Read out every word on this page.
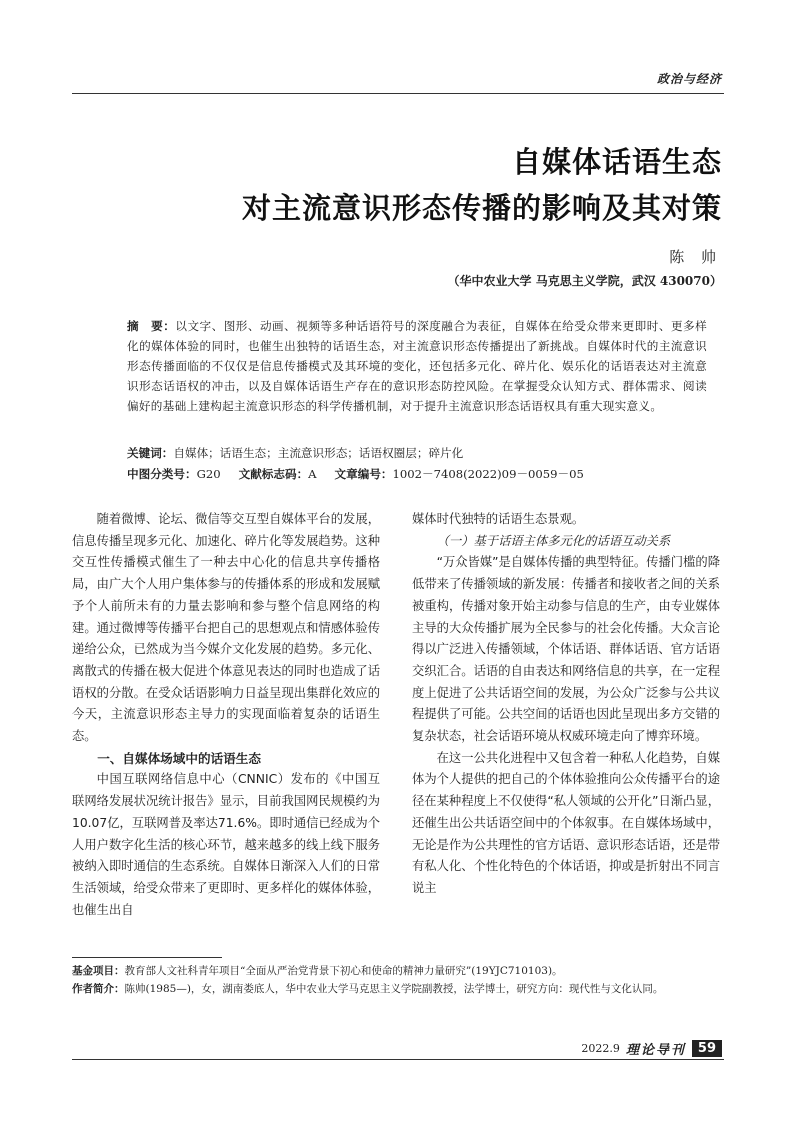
政治与经济
自媒体话语生态
对主流意识形态传播的影响及其对策
陈 帅
（华中农业大学 马克思主义学院，武汉 430070）
摘　要：以文字、图形、动画、视频等多种话语符号的深度融合为表征，自媒体在给受众带来更即时、更多样化的媒体体验的同时，也催生出独特的话语生态，对主流意识形态传播提出了新挑战。自媒体时代的主流意识形态传播面临的不仅仅是信息传播模式及其环境的变化，还包括多元化、碎片化、娱乐化的话语表达对主流意识形态话语权的冲击，以及自媒体话语生产存在的意识形态防控风险。在掌握受众认知方式、群体需求、阅读偏好的基础上建构起主流意识形态的科学传播机制，对于提升主流意识形态话语权具有重大现实意义。
关键词：自媒体；话语生态；主流意识形态；话语权圈层；碎片化
中图分类号：G20 文献标志码：A 文章编号：1002－7408(2022)09－0059－05

随着微博、论坛、微信等交互型自媒体平台的发展，信息传播呈现多元化、加速化、碎片化等发展趋势。这种交互性传播模式催生了一种去中心化的信息共享传播格局，由广大个人用户集体参与的传播体系的形成和发展赋予个人前所未有的力量去影响和参与整个信息网络的构建。通过微博等传播平台把自己的思想观点和情感体验传递给公众，已然成为当今媒介文化发展的趋势。多元化、离散式的传播在极大促进个体意见表达的同时也造成了话语权的分散。在受众话语影响力日益呈现出集群化效应的今天，主流意识形态主导力的实现面临着复杂的话语生态。

一、自媒体场域中的话语生态

中国互联网络信息中心（CNNIC）发布的《中国互联网络发展状况统计报告》显示，目前我国网民规模约为10.07亿，互联网普及率达71.6%。即时通信已经成为个人用户数字化生活的核心环节，越来越多的线上线下服务被纳入即时通信的生态系统。自媒体日渐深入人们的日常生活领域，给受众带来了更即时、更多样化的媒体体验，也催生出自

媒体时代独特的话语生态景观。

（一）基于话语主体多元化的话语互动关系

“万众皆媒”是自媒体传播的典型特征。传播门槛的降低带来了传播领域的新发展：传播者和接收者之间的关系被重构，传播对象开始主动参与信息的生产，由专业媒体主导的大众传播扩展为全民参与的社会化传播。大众言论得以广泛进入传播领域，个体话语、群体话语、官方话语交织汇合。话语的自由表达和网络信息的共享，在一定程度上促进了公共话语空间的发展，为公众广泛参与公共议程提供了可能。公共空间的话语也因此呈现出多方交错的复杂状态，社会话语环境从权威环境走向了博弈环境。

在这一公共化进程中又包含着一种私人化趋势，自媒体为个人提供的把自己的个体体验推向公众传播平台的途径在某种程度上不仅使得“私人领域的公开化”日渐凸显，还催生出公共话语空间中的个体叙事。在自媒体场域中，无论是作为公共理性的官方话语、意识形态话语，还是带有私人化、个性化特色的个体话语，抑或是折射出不同言说主

基金项目：教育部人文社科青年项目“全面从严治党背景下初心和使命的精神力量研究”(19YJC710103)。
作者简介：陈帅(1985—)，女，湖南娄底人，华中农业大学马克思主义学院副教授，法学博士，研究方向：现代性与文化认同。
2022.9 理论导刊 59
